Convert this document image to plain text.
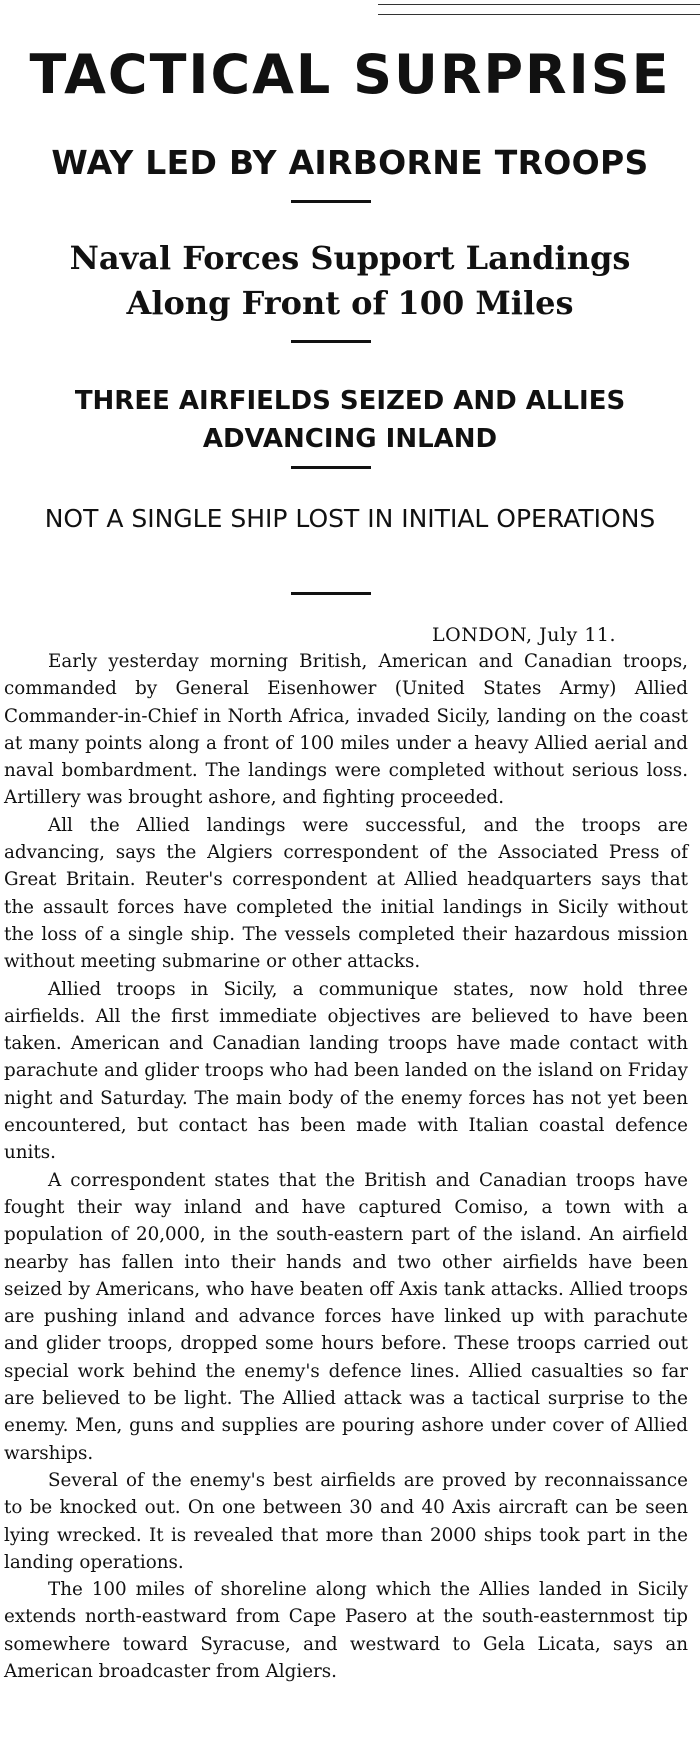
TACTICAL SURPRISE
WAY LED BY AIRBORNE TROOPS
Naval Forces Support Landings Along Front of 100 Miles
THREE AIRFIELDS SEIZED AND ALLIES ADVANCING INLAND
NOT A SINGLE SHIP LOST IN INITIAL OPERATIONS
LONDON, July 11.

Early yesterday morning British, American and Canadian troops, commanded by General Eisenhower (United States Army) Allied Commander-in-Chief in North Africa, invaded Sicily, landing on the coast at many points along a front of 100 miles under a heavy Allied aerial and naval bombardment. The landings were completed without serious loss. Artillery was brought ashore, and fighting proceeded.

All the Allied landings were successful, and the troops are advancing, says the Algiers correspondent of the Associated Press of Great Britain. Reuter's correspondent at Allied headquarters says that the assault forces have completed the initial landings in Sicily without the loss of a single ship. The vessels completed their hazardous mission without meeting submarine or other attacks.

Allied troops in Sicily, a communique states, now hold three airfields. All the first immediate objectives are believed to have been taken. American and Canadian landing troops have made contact with parachute and glider troops who had been landed on the island on Friday night and Saturday. The main body of the enemy forces has not yet been encountered, but contact has been made with Italian coastal defence units.

A correspondent states that the British and Canadian troops have fought their way inland and have captured Comiso, a town with a population of 20,000, in the south-eastern part of the island. An airfield nearby has fallen into their hands and two other airfields have been seized by Americans, who have beaten off Axis tank attacks. Allied troops are pushing inland and advance forces have linked up with parachute and glider troops, dropped some hours before. These troops carried out special work behind the enemy's defence lines. Allied casualties so far are believed to be light. The Allied attack was a tactical surprise to the enemy. Men, guns and supplies are pouring ashore under cover of Allied warships.

Several of the enemy's best airfields are proved by reconnaissance to be knocked out. On one between 30 and 40 Axis aircraft can be seen lying wrecked. It is revealed that more than 2000 ships took part in the landing operations.

The 100 miles of shoreline along which the Allies landed in Sicily extends north-eastward from Cape Pasero at the south-easternmost tip somewhere toward Syracuse, and westward to Gela Licata, says an American broadcaster from Algiers.
